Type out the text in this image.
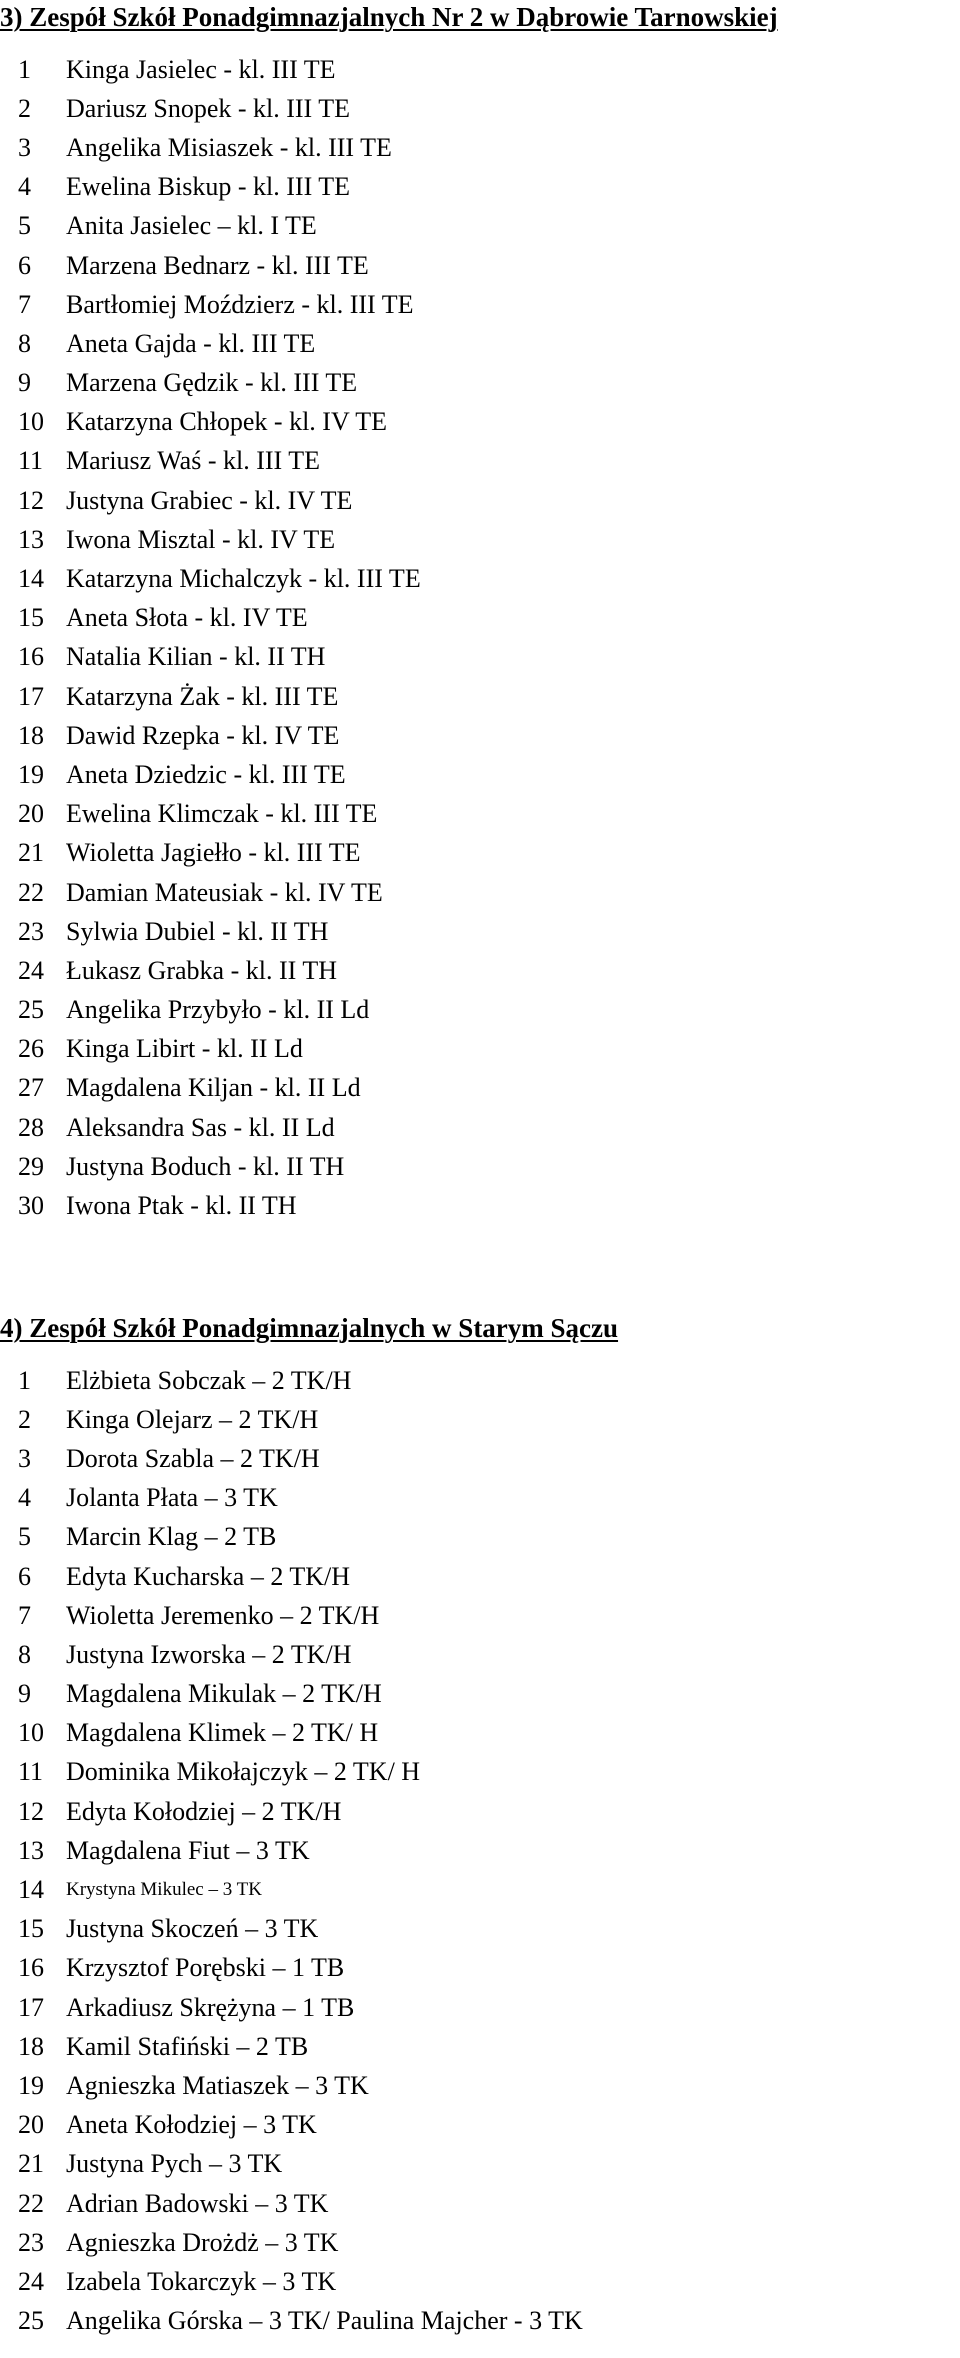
3) Zespół Szkół Ponadgimnazjalnych Nr 2 w Dąbrowie Tarnowskiej
1	Kinga Jasielec - kl. III TE
2	Dariusz Snopek - kl. III TE
3	Angelika Misiaszek - kl. III TE
4	Ewelina Biskup - kl. III TE
5	Anita Jasielec – kl. I TE
6	Marzena Bednarz - kl. III TE
7	Bartłomiej Moździerz - kl. III TE
8	Aneta Gajda - kl. III TE
9	Marzena Gędzik - kl. III TE
10 Katarzyna Chłopek - kl. IV TE
11 Mariusz Waś - kl. III TE
12 Justyna Grabiec - kl. IV TE
13 Iwona Misztal - kl. IV TE
14 Katarzyna Michalczyk - kl. III TE
15 Aneta Słota - kl. IV TE
16 Natalia Kilian - kl. II TH
17 Katarzyna Żak - kl. III TE
18 Dawid Rzepka - kl. IV TE
19 Aneta Dziedzic - kl. III TE
20 Ewelina Klimczak - kl. III TE
21 Wioletta Jagiełło - kl. III TE
22 Damian Mateusiak - kl. IV TE
23 Sylwia Dubiel - kl. II TH
24 Łukasz Grabka - kl. II TH
25 Angelika Przybyło - kl. II Ld
26 Kinga Libirt - kl. II Ld
27 Magdalena Kiljan - kl. II Ld
28 Aleksandra Sas - kl. II Ld
29 Justyna Boduch - kl. II TH
30 Iwona Ptak - kl. II TH
4) Zespół Szkół Ponadgimnazjalnych w Starym Sączu
1	Elżbieta Sobczak – 2 TK/H
2	Kinga Olejarz – 2 TK/H
3	Dorota Szabla – 2 TK/H
4	Jolanta Płata – 3 TK
5	Marcin Klag – 2 TB
6	Edyta Kucharska – 2 TK/H
7	Wioletta Jeremenko – 2 TK/H
8	Justyna Izworska – 2 TK/H
9	Magdalena Mikulak – 2 TK/H
10 Magdalena Klimek – 2 TK/ H
11 Dominika Mikołajczyk – 2 TK/ H
12 Edyta Kołodziej – 2 TK/H
13 Magdalena Fiut – 3 TK
14	Krystyna Mikulec – 3 TK
15 Justyna Skoczeń – 3 TK
16 Krzysztof Porębski – 1 TB
17 Arkadiusz Skrężyna – 1 TB
18 Kamil Stafiński – 2 TB
19 Agnieszka Matiaszek – 3 TK
20 Aneta Kołodziej – 3 TK
21 Justyna Pych – 3 TK
22 Adrian Badowski – 3 TK
23 Agnieszka Drożdż – 3 TK
24 Izabela Tokarczyk – 3 TK
25 Angelika Górska – 3 TK/ Paulina Majcher - 3 TK
